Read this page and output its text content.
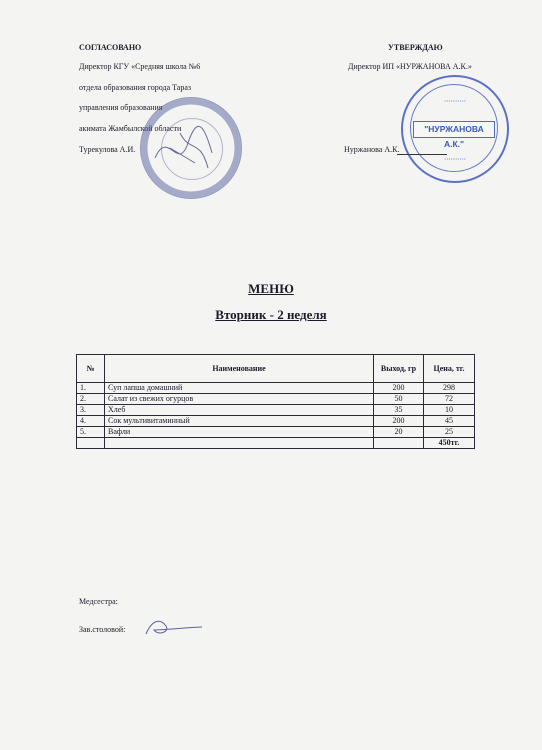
СОГЛАСОВАНО
Директор КГУ «Средняя школа №6
отдела образования города Тараз
управления образования
акимата Жамбылской области
Турекулова А.И.
УТВЕРЖДАЮ
Директор ИП «НУРЖАНОВА А.К.»
Нуржанова А.К.
• • • • • • • • • •
"НУРЖАНОВА А.К."
• • • • • • • • • •
МЕНЮ
Вторник - 2 неделя
№	Наименование	Выход, гр	Цена, тг.
1.	Суп лапша домашний	200	298
2.	Салат из свежих огурцов	50	72
3.	Хлеб	35	10
4.	Сок мультивитаминный	200	45
5.	Вафли	20	25
			450тг.
Медсестра:
Зав.столовой:
